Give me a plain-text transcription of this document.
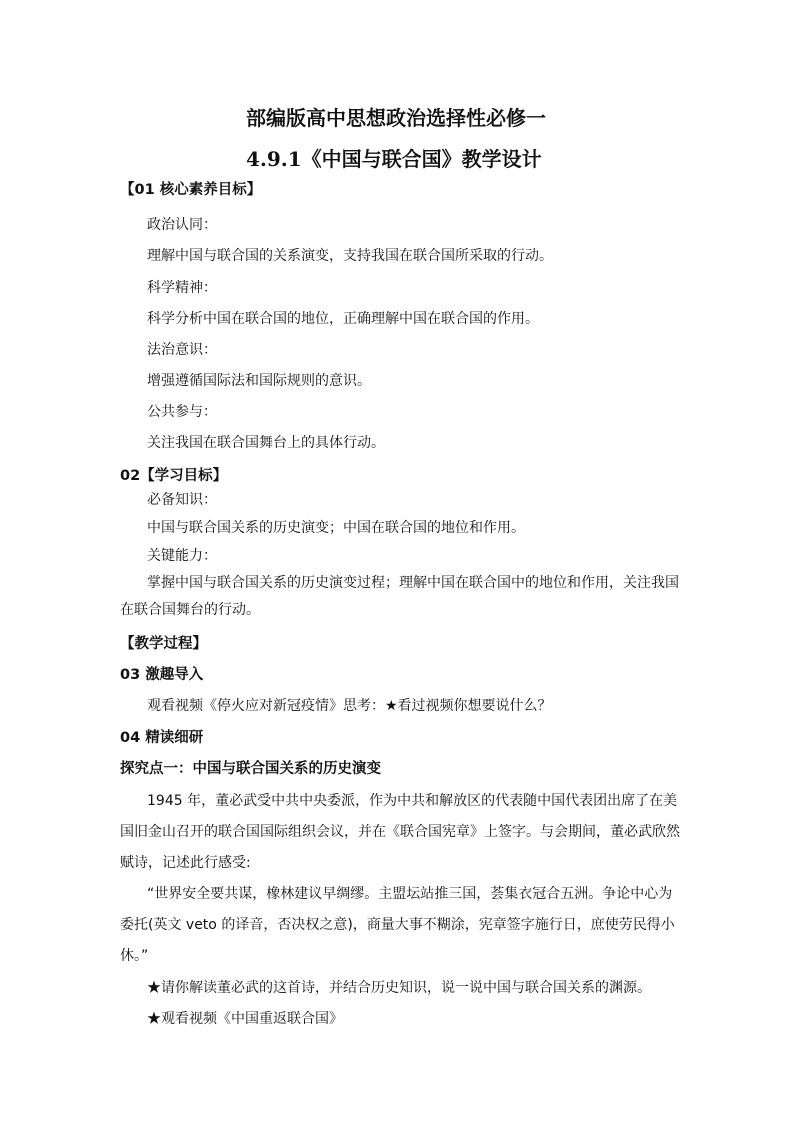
部编版高中思想政治选择性必修一
4.9.1《中国与联合国》教学设计
【01 核心素养目标】
政治认同：
理解中国与联合国的关系演变，支持我国在联合国所采取的行动。
科学精神：
科学分析中国在联合国的地位，正确理解中国在联合国的作用。
法治意识：
增强遵循国际法和国际规则的意识。
公共参与：
关注我国在联合国舞台上的具体行动。
02【学习目标】
必备知识：
中国与联合国关系的历史演变；中国在联合国的地位和作用。
关键能力：
掌握中国与联合国关系的历史演变过程；理解中国在联合国中的地位和作用，关注我国
在联合国舞台的行动。
【教学过程】
03 激趣导入
观看视频《停火应对新冠疫情》思考：★看过视频你想要说什么？
04 精读细研
探究点一：中国与联合国关系的历史演变
1945 年，董必武受中共中央委派，作为中共和解放区的代表随中国代表团出席了在美
国旧金山召开的联合国国际组织会议，并在《联合国宪章》上签字。与会期间，董必武欣然
赋诗，记述此行感受:
“世界安全要共谋，橡林建议早绸缪。主盟坛站推三国，荟集衣冠合五洲。争论中心为
委托(英文 veto 的译音，否决权之意)，商量大事不糊涂，宪章签字施行日，庶使劳民得小
休。”
★请你解读董必武的这首诗，并结合历史知识，说一说中国与联合国关系的渊源。
★观看视频《中国重返联合国》
